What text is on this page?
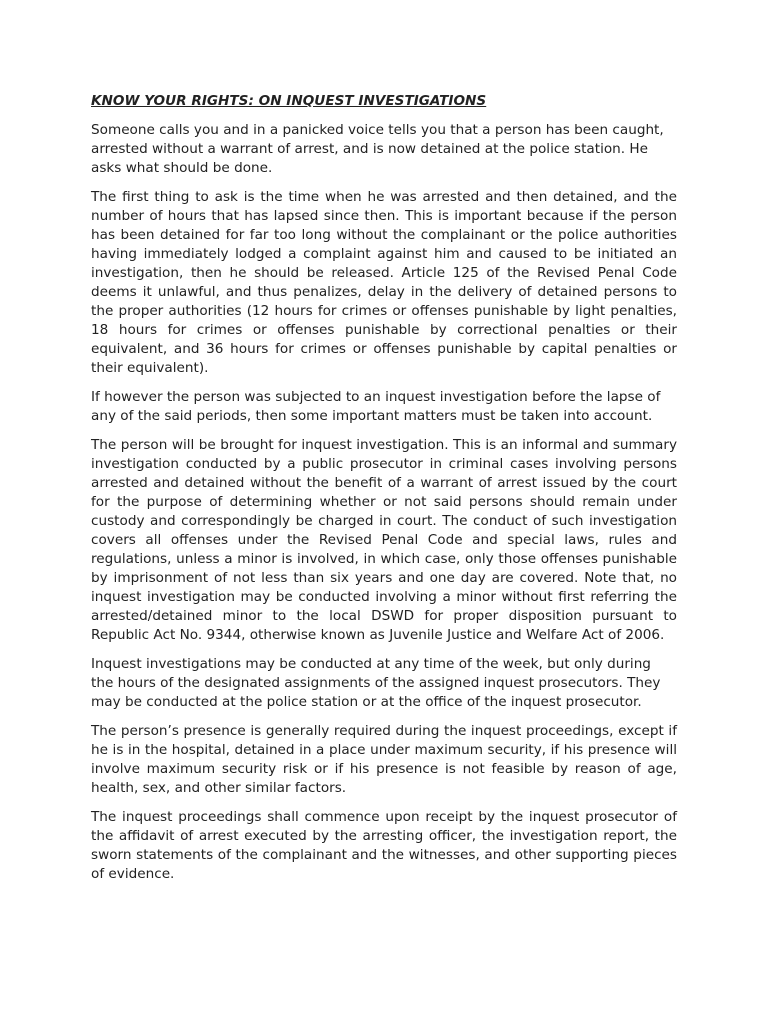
KNOW YOUR RIGHTS: ON INQUEST INVESTIGATIONS

Someone calls you and in a panicked voice tells you that a person has been caught, arrested without a warrant of arrest, and is now detained at the police station. He asks what should be done.

The first thing to ask is the time when he was arrested and then detained, and the number of hours that has lapsed since then. This is important because if the person has been detained for far too long without the complainant or the police authorities having immediately lodged a complaint against him and caused to be initiated an investigation, then he should be released. Article 125 of the Revised Penal Code deems it unlawful, and thus penalizes, delay in the delivery of detained persons to the proper authorities (12 hours for crimes or offenses punishable by light penalties, 18 hours for crimes or offenses punishable by correctional penalties or their equivalent, and 36 hours for crimes or offenses punishable by capital penalties or their equivalent).

If however the person was subjected to an inquest investigation before the lapse of any of the said periods, then some important matters must be taken into account.

The person will be brought for inquest investigation. This is an informal and summary investigation conducted by a public prosecutor in criminal cases involving persons arrested and detained without the benefit of a warrant of arrest issued by the court for the purpose of determining whether or not said persons should remain under custody and correspondingly be charged in court. The conduct of such investigation covers all offenses under the Revised Penal Code and special laws, rules and regulations, unless a minor is involved, in which case, only those offenses punishable by imprisonment of not less than six years and one day are covered. Note that, no inquest investigation may be conducted involving a minor without first referring the arrested/detained minor to the local DSWD for proper disposition pursuant to Republic Act No. 9344, otherwise known as Juvenile Justice and Welfare Act of 2006.

Inquest investigations may be conducted at any time of the week, but only during the hours of the designated assignments of the assigned inquest prosecutors. They may be conducted at the police station or at the office of the inquest prosecutor.

The person’s presence is generally required during the inquest proceedings, except if he is in the hospital, detained in a place under maximum security, if his presence will involve maximum security risk or if his presence is not feasible by reason of age, health, sex, and other similar factors.

The inquest proceedings shall commence upon receipt by the inquest prosecutor of the affidavit of arrest executed by the arresting officer, the investigation report, the sworn statements of the complainant and the witnesses, and other supporting pieces of evidence.
